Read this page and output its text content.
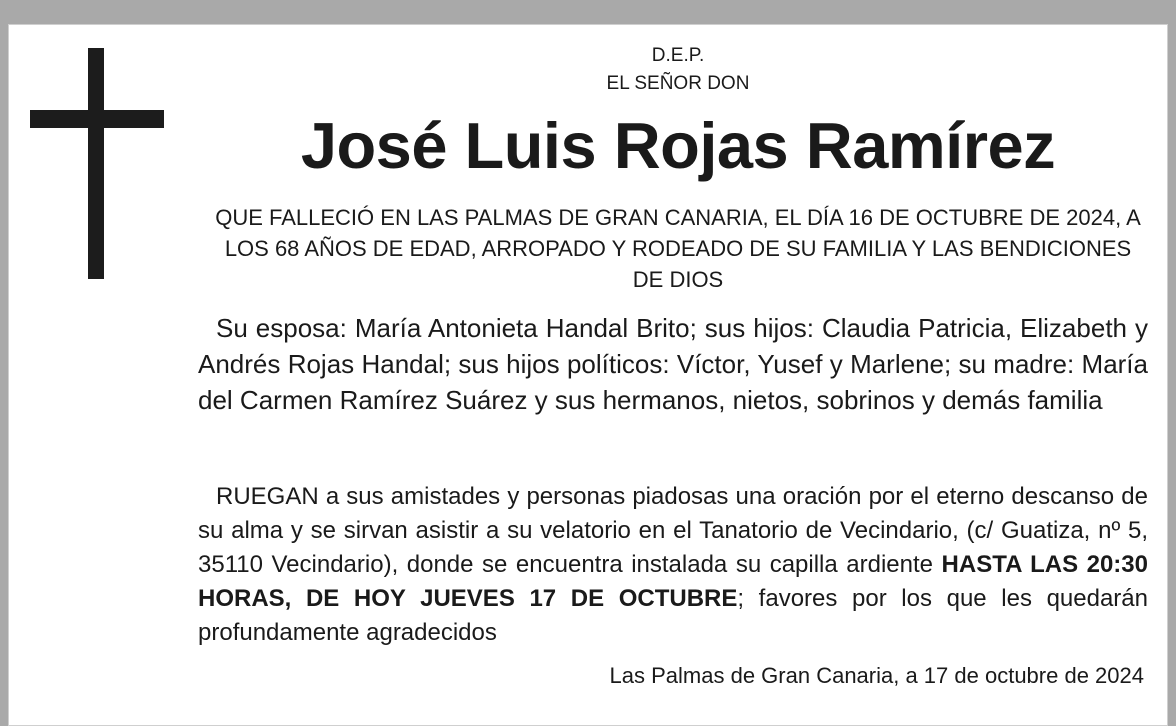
D.E.P.
EL SEÑOR DON
José Luis Rojas Ramírez
QUE FALLECIÓ EN LAS PALMAS DE GRAN CANARIA, EL DÍA 16 DE OCTUBRE DE 2024, A LOS 68 AÑOS DE EDAD, ARROPADO Y RODEADO DE SU FAMILIA Y LAS BENDICIONES DE DIOS
Su esposa: María Antonieta Handal Brito; sus hijos: Claudia Patricia, Elizabeth y Andrés Rojas Handal; sus hijos políticos: Víctor, Yusef y Marlene; su madre: María del Carmen Ramírez Suárez y sus hermanos, nietos, sobrinos y demás familia
RUEGAN a sus amistades y personas piadosas una oración por el eterno descanso de su alma y se sirvan asistir a su velatorio en el Tanatorio de Vecindario, (c/ Guatiza, nº 5, 35110 Vecindario), donde se encuentra instalada su capilla ardiente HASTA LAS 20:30 HORAS, DE HOY JUEVES 17 DE OCTUBRE; favores por los que les quedarán profundamente agradecidos
Las Palmas de Gran Canaria, a 17 de octubre de 2024
